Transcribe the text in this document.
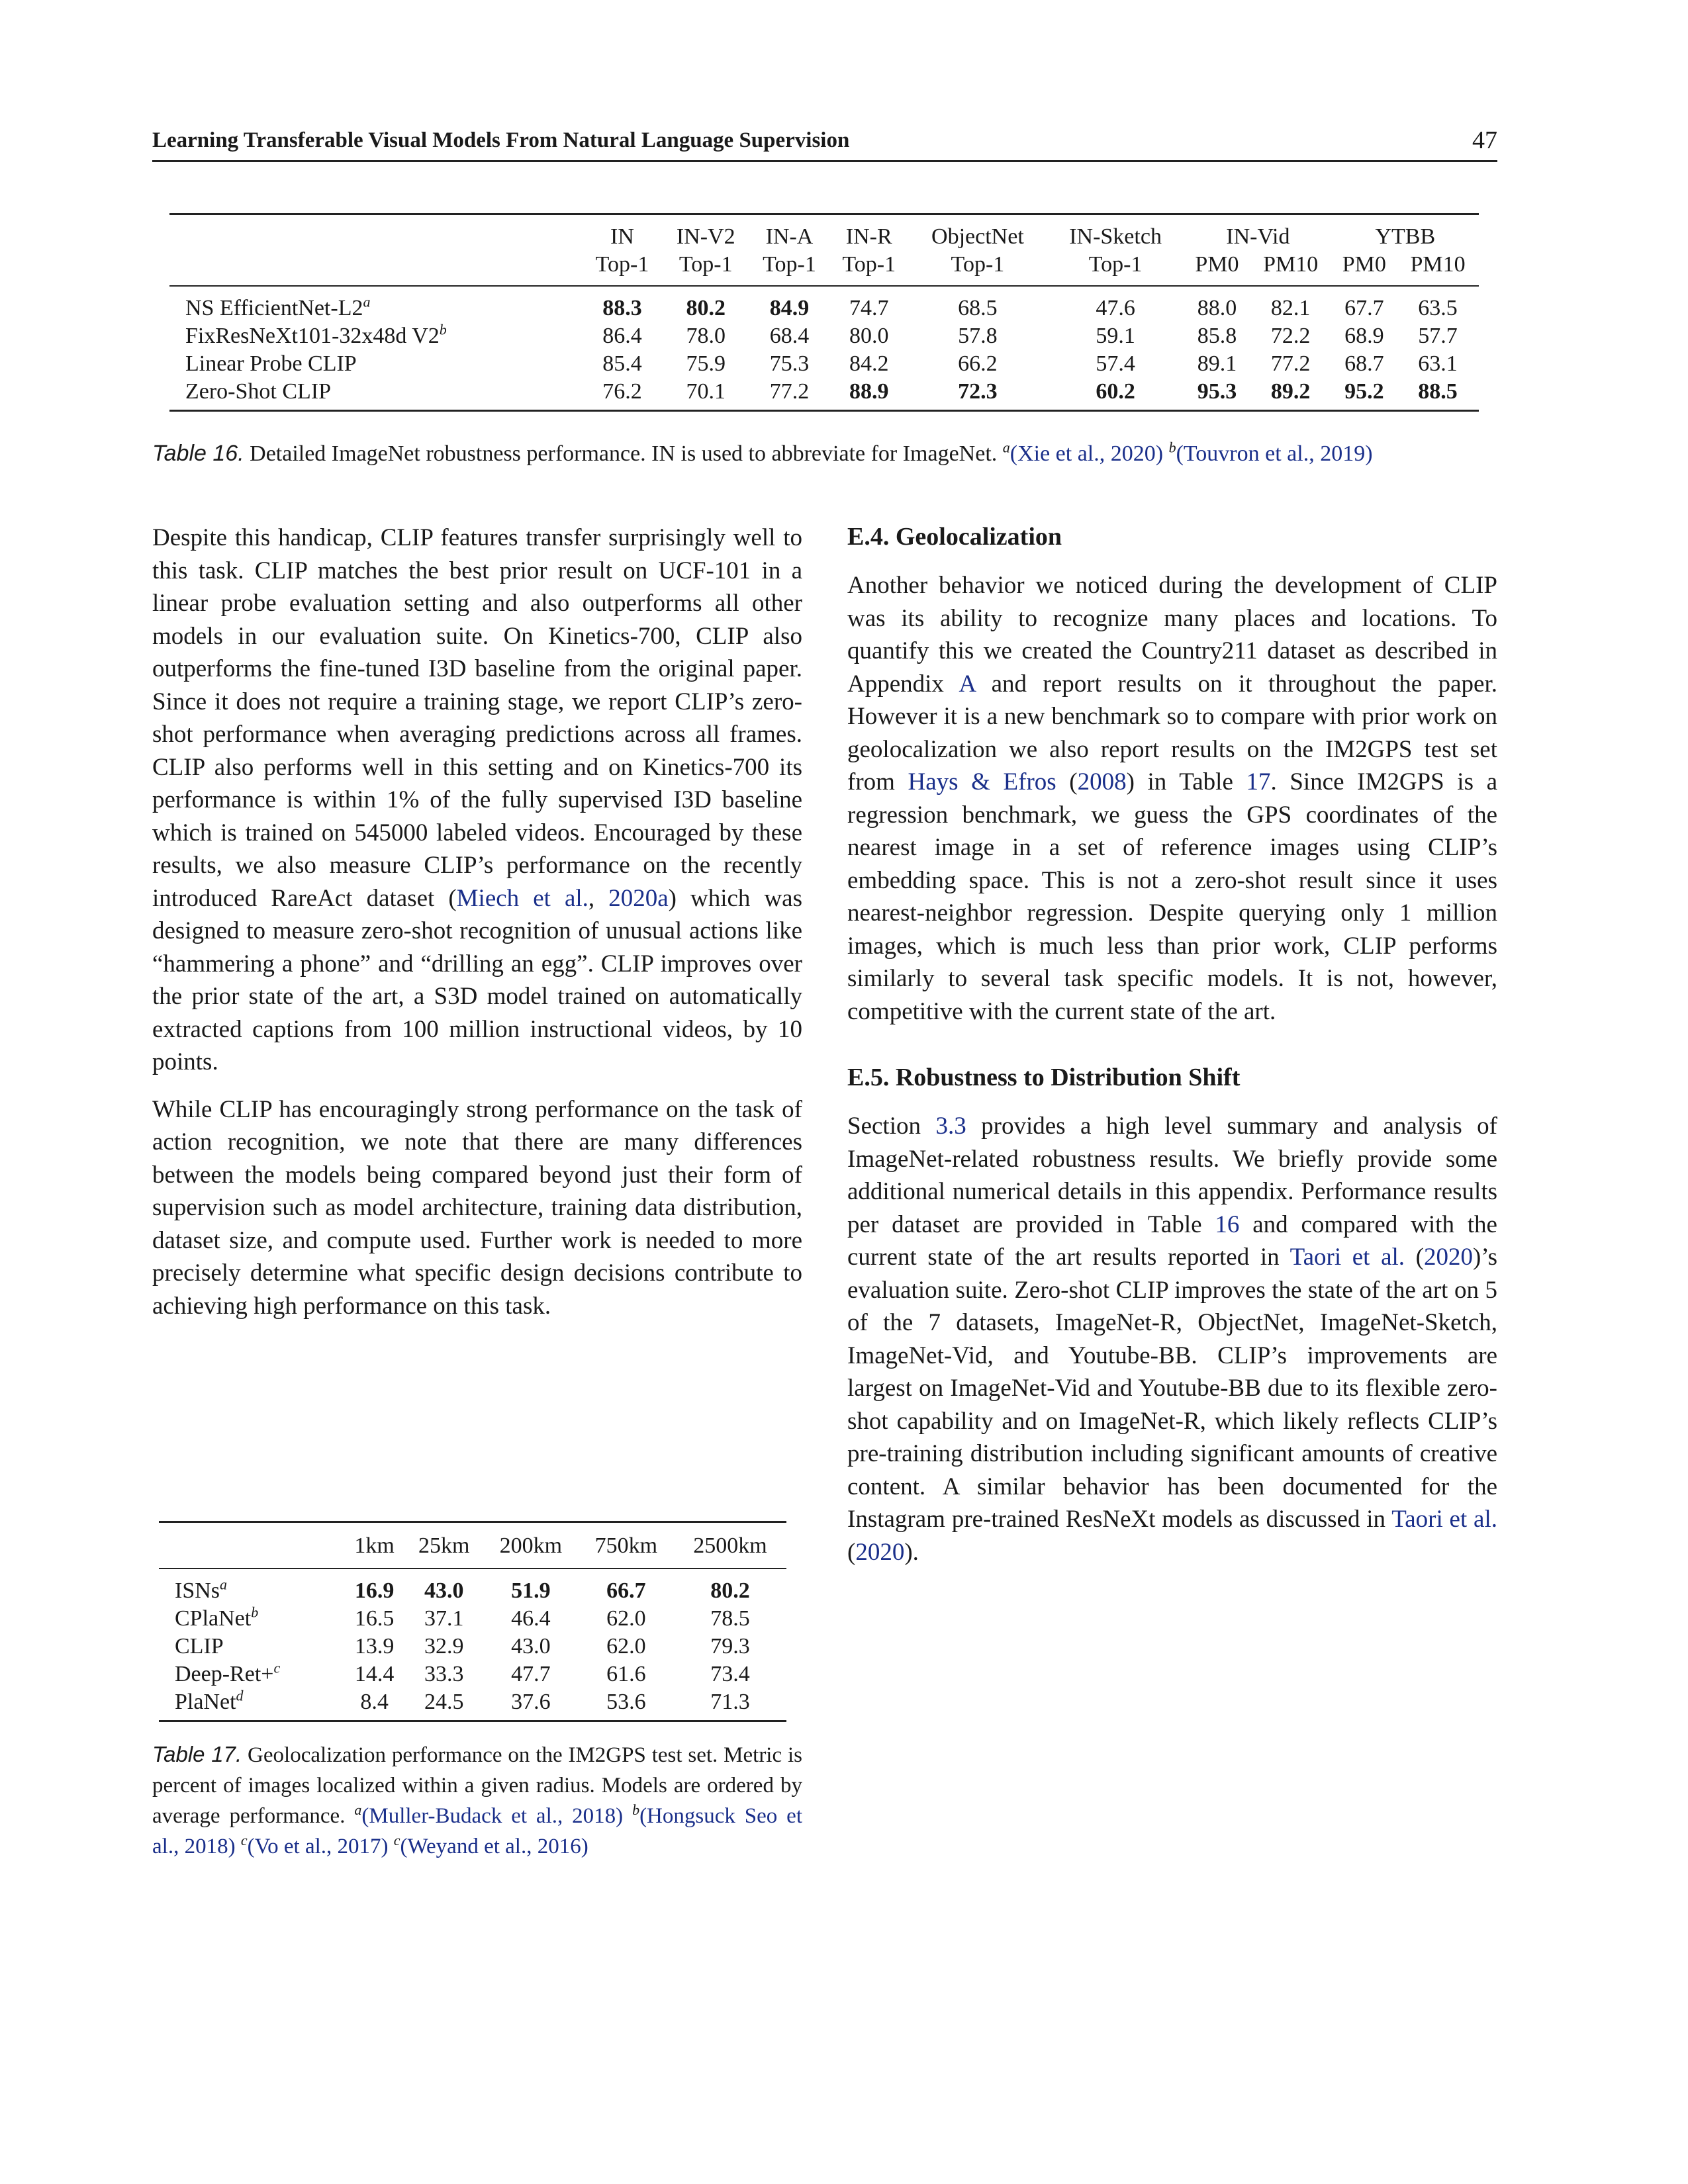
Learning Transferable Visual Models From Natural Language Supervision	47
	IN	IN-V2	IN-A	IN-R	ObjectNet	IN-Sketch	IN-Vid		YTBB	
	Top-1	Top-1	Top-1	Top-1	Top-1	Top-1	PM0	PM10	PM0	PM10
NS EfficientNet-L2$^a$	88.3	80.2	84.9	74.7	68.5	47.6	88.0	82.1	67.7	63.5
FixResNeXt101-32x48d V2$^b$	86.4	78.0	68.4	80.0	57.8	59.1	85.8	72.2	68.9	57.7
Linear Probe CLIP	85.4	75.9	75.3	84.2	66.2	57.4	89.1	77.2	68.7	63.1
Zero-Shot CLIP	76.2	70.1	77.2	88.9	72.3	60.2	95.3	89.2	95.2	88.5
Table 16. Detailed ImageNet robustness performance. IN is used to abbreviate for ImageNet. $^a$(Xie et al., 2020) $^b$(Touvron et al., 2019)

Despite this handicap, CLIP features transfer surprisingly well to this task. CLIP matches the best prior result on UCF-101 in a linear probe evaluation setting and also outperforms all other models in our evaluation suite. On Kinetics-700, CLIP also outperforms the fine-tuned I3D baseline from the original paper. Since it does not require a training stage, we report CLIP’s zero-shot performance when averaging predictions across all frames. CLIP also performs well in this setting and on Kinetics-700 its performance is within 1% of the fully supervised I3D baseline which is trained on 545000 labeled videos. Encouraged by these results, we also measure CLIP’s performance on the recently introduced RareAct dataset (Miech et al., 2020a) which was designed to measure zero-shot recognition of unusual actions like “hammering a phone” and “drilling an egg”. CLIP improves over the prior state of the art, a S3D model trained on automatically extracted captions from 100 million instructional videos, by 10 points.

While CLIP has encouragingly strong performance on the task of action recognition, we note that there are many differences between the models being compared beyond just their form of supervision such as model architecture, training data distribution, dataset size, and compute used. Further work is needed to more precisely determine what specific design decisions contribute to achieving high performance on this task.

	1km	25km	200km	750km	2500km
ISNs$^a$	16.9	43.0	51.9	66.7	80.2
CPlaNet$^b$	16.5	37.1	46.4	62.0	78.5
CLIP	13.9	32.9	43.0	62.0	79.3
Deep-Ret+$^c$	14.4	33.3	47.7	61.6	73.4
PlaNet$^d$	8.4	24.5	37.6	53.6	71.3
Table 17. Geolocalization performance on the IM2GPS test set. Metric is percent of images localized within a given radius. Models are ordered by average performance. $^a$(Muller-Budack et al., 2018) $^b$(Hongsuck Seo et al., 2018) $^c$(Vo et al., 2017) $^c$(Weyand et al., 2016)
E.4. Geolocalization

Another behavior we noticed during the development of CLIP was its ability to recognize many places and locations. To quantify this we created the Country211 dataset as described in Appendix A and report results on it throughout the paper. However it is a new benchmark so to compare with prior work on geolocalization we also report results on the IM2GPS test set from Hays & Efros (2008) in Table 17. Since IM2GPS is a regression benchmark, we guess the GPS coordinates of the nearest image in a set of reference images using CLIP’s embedding space. This is not a zero-shot result since it uses nearest-neighbor regression. Despite querying only 1 million images, which is much less than prior work, CLIP performs similarly to several task specific models. It is not, however, competitive with the current state of the art.

E.5. Robustness to Distribution Shift

Section 3.3 provides a high level summary and analysis of ImageNet-related robustness results. We briefly provide some additional numerical details in this appendix. Performance results per dataset are provided in Table 16 and compared with the current state of the art results reported in Taori et al. (2020)’s evaluation suite. Zero-shot CLIP improves the state of the art on 5 of the 7 datasets, ImageNet-R, ObjectNet, ImageNet-Sketch, ImageNet-Vid, and Youtube-BB. CLIP’s improvements are largest on ImageNet-Vid and Youtube-BB due to its flexible zero-shot capability and on ImageNet-R, which likely reflects CLIP’s pre-training distribution including significant amounts of creative content. A similar behavior has been documented for the Instagram pre-trained ResNeXt models as discussed in Taori et al. (2020).
